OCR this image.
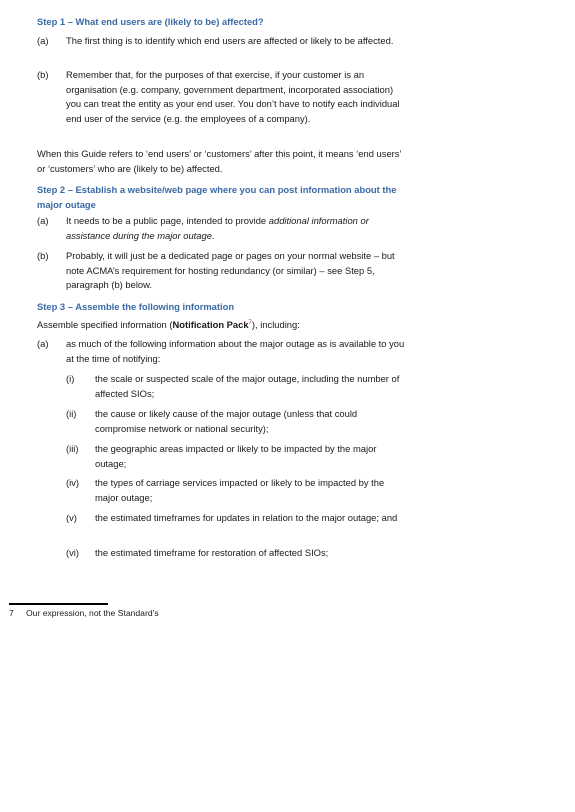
Step 1 – What end users are (likely to be) affected?

(a) The first thing is to identify which end users are affected or likely to be affected.
(b) Remember that, for the purposes of that exercise, if your customer is an organisation (e.g. company, government department, incorporated association) you can treat the entity as your end user. You don’t have to notify each individual end user of the service (e.g. the employees of a company).

When this Guide refers to ‘end users’ or ‘customers’ after this point, it means ‘end users’ or ‘customers’ who are (likely to be) affected.

Step 2 – Establish a website/web page where you can post information about the major outage

(a) It needs to be a public page, intended to provide additional information or assistance during the major outage.
(b) Probably, it will just be a dedicated page or pages on your normal website – but note ACMA’s requirement for hosting redundancy (or similar) – see Step 5, paragraph (b) below.

Step 3 – Assemble the following information

Assemble specified information (Notification Pack$^7$), including:

(a) as much of the following information about the major outage as is available to you at the time of notifying:
(i) the scale or suspected scale of the major outage, including the number of affected SIOs;
(ii) the cause or likely cause of the major outage (unless that could compromise network or national security);
(iii) the geographic areas impacted or likely to be impacted by the major outage;
(iv) the types of carriage services impacted or likely to be impacted by the major outage;
(v) the estimated timeframes for updates in relation to the major outage; and
(vi) the estimated timeframe for restoration of affected SIOs;
7 Our expression, not the Standard’s
